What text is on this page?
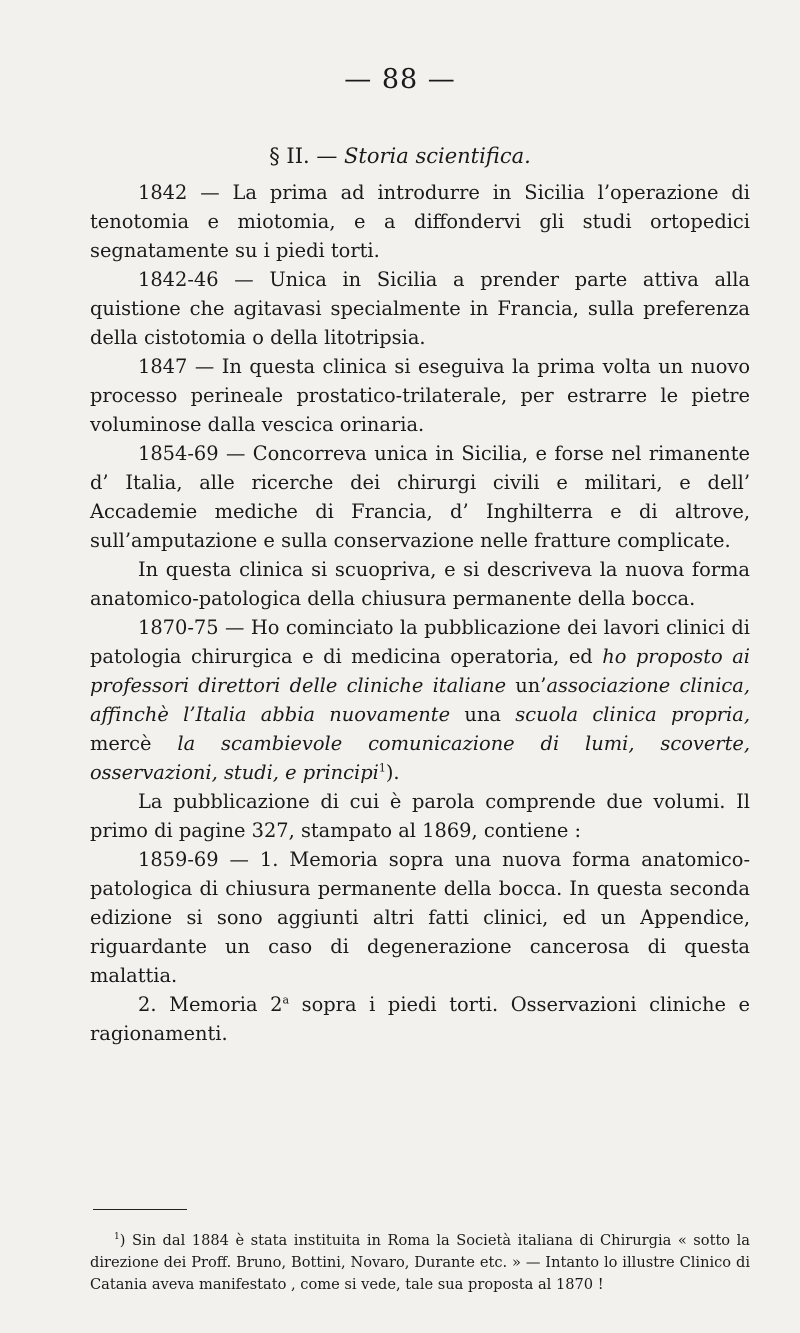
— 88 —
§ II. — Storia scientifica.

1842 — La prima ad introdurre in Sicilia l’operazione di tenotomia e miotomia, e a diffondervi gli studi ortopedici segnatamente su i piedi torti.

1842-46 — Unica in Sicilia a prender parte attiva alla quistione che agitavasi specialmente in Francia, sulla preferenza della cistotomia o della litotripsia.

1847 — In questa clinica si eseguiva la prima volta un nuovo processo perineale prostatico-trilaterale, per estrarre le pietre voluminose dalla vescica orinaria.

1854-69 — Concorreva unica in Sicilia, e forse nel rimanente d’ Italia, alle ricerche dei chirurgi civili e militari, e dell’ Accademie mediche di Francia, d’ Inghilterra e di altrove, sull’amputazione e sulla conservazione nelle fratture complicate.

In questa clinica si scuopriva, e si descriveva la nuova forma anatomico-patologica della chiusura permanente della bocca.

1870-75 — Ho cominciato la pubblicazione dei lavori clinici di patologia chirurgica e di medicina operatoria, ed ho proposto ai professori direttori delle cliniche italiane un’associazione clinica, affinchè l’Italia abbia nuovamente una scuola clinica propria, mercè la scambievole comunicazione di lumi, scoverte, osservazioni, studi, e principi$^1$).

La pubblicazione di cui è parola comprende due volumi. Il primo di pagine 327, stampato al 1869, contiene :

1859-69 — 1. Memoria sopra una nuova forma anatomico-patologica di chiusura permanente della bocca. In questa seconda edizione si sono aggiunti altri fatti clinici, ed un Appendice, riguardante un caso di degenerazione cancerosa di questa malattia.

2. Memoria 2$^a$ sopra i piedi torti. Osservazioni cliniche e ragionamenti.

$^1$) Sin dal 1884 è stata instituita in Roma la Società italiana di Chirurgia « sotto la direzione dei Proff. Bruno, Bottini, Novaro, Durante etc. » — Intanto lo illustre Clinico di Catania aveva manifestato , come si vede, tale sua proposta al 1870 !
